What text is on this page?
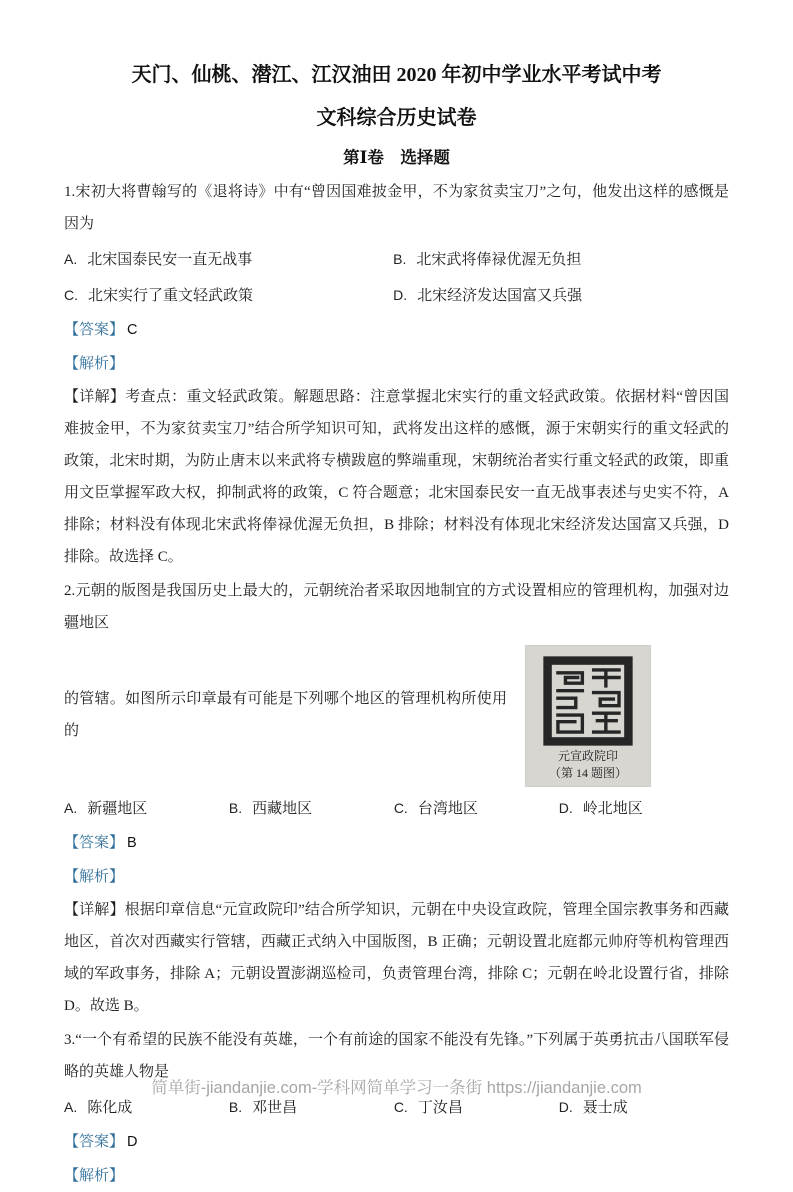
天门、仙桃、潜江、江汉油田 2020 年初中学业水平考试中考
文科综合历史试卷
第Ⅰ卷　选择题

1.宋初大将曹翰写的《退将诗》中有“曾因国难披金甲，不为家贫卖宝刀”之句，他发出这样的感慨是因为

A. 北宋国泰民安一直无战事	B. 北宋武将俸禄优渥无负担
C. 北宋实行了重文轻武政策	D. 北宋经济发达国富又兵强

【答案】 C

【解析】

【详解】考查点：重文轻武政策。解题思路：注意掌握北宋实行的重文轻武政策。依据材料“曾因国难披金甲，不为家贫卖宝刀”结合所学知识可知，武将发出这样的感慨，源于宋朝实行的重文轻武的政策，北宋时期，为防止唐末以来武将专横跋扈的弊端重现，宋朝统治者实行重文轻武的政策，即重用文臣掌握军政大权，抑制武将的政策，C 符合题意；北宋国泰民安一直无战事表述与史实不符，A 排除；材料没有体现北宋武将俸禄优渥无负担，B 排除；材料没有体现北宋经济发达国富又兵强，D 排除。故选择 C。

2.元朝的版图是我国历史上最大的，元朝统治者采取因地制宜的方式设置相应的管理机构，加强对边疆地区

的管辖。如图所示印章最有可能是下列哪个地区的管理机构所使用的

元宣政院印
（第 14 题图）
A. 新疆地区	B. 西藏地区	C. 台湾地区	D. 岭北地区

【答案】 B

【解析】

【详解】根据印章信息“元宣政院印”结合所学知识，元朝在中央设宣政院，管理全国宗教事务和西藏地区，首次对西藏实行管辖，西藏正式纳入中国版图，B 正确；元朝设置北庭都元帅府等机构管理西域的军政事务，排除 A；元朝设置澎湖巡检司，负责管理台湾，排除 C；元朝在岭北设置行省，排除 D。故选 B。

3.“一个有希望的民族不能没有英雄，一个有前途的国家不能没有先锋。”下列属于英勇抗击八国联军侵略的英雄人物是

A. 陈化成	B. 邓世昌	C. 丁汝昌	D. 聂士成

【答案】 D

【解析】

简单街-jiandanjie.com-学科网简单学习一条街 https://jiandanjie.com
